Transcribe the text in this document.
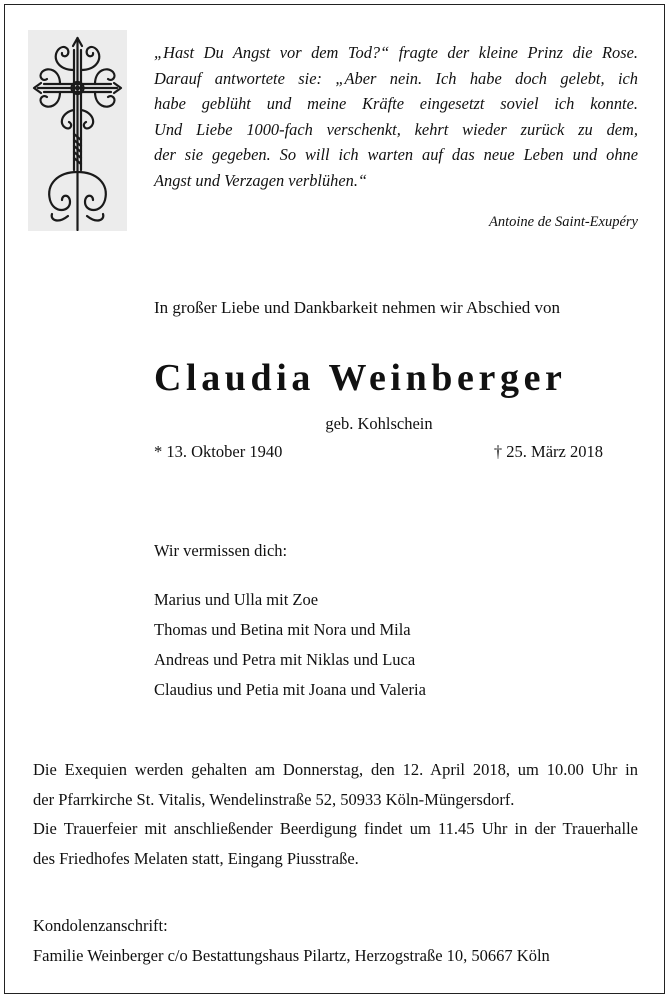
„Hast Du Angst vor dem Tod?“ fragte der kleine Prinz die Rose.
Darauf antwortete sie: „Aber nein. Ich habe doch gelebt, ich
habe geblüht und meine Kräfte eingesetzt soviel ich konnte.
Und Liebe 1000-fach verschenkt, kehrt wieder zurück zu dem,
der sie gegeben. So will ich warten auf das neue Leben und ohne
Angst und Verzagen verblühen.“
Antoine de Saint-Exupéry
In großer Liebe und Dankbarkeit nehmen wir Abschied von
Claudia Weinberger
geb. Kohlschein
* 13. Oktober 1940	† 25. März 2018
Wir vermissen dich:
Marius und Ulla mit Zoe
Thomas und Betina mit Nora und Mila
Andreas und Petra mit Niklas und Luca
Claudius und Petia mit Joana und Valeria
Die Exequien werden gehalten am Donnerstag, den 12. April 2018, um 10.00 Uhr in
der Pfarrkirche St. Vitalis, Wendelinstraße 52, 50933 Köln-Müngersdorf.
Die Trauerfeier mit anschließender Beerdigung findet um 11.45 Uhr in der Trauerhalle
des Friedhofes Melaten statt, Eingang Piusstraße.
Kondolenzanschrift:
Familie Weinberger c/o Bestattungshaus Pilartz, Herzogstraße 10, 50667 Köln
